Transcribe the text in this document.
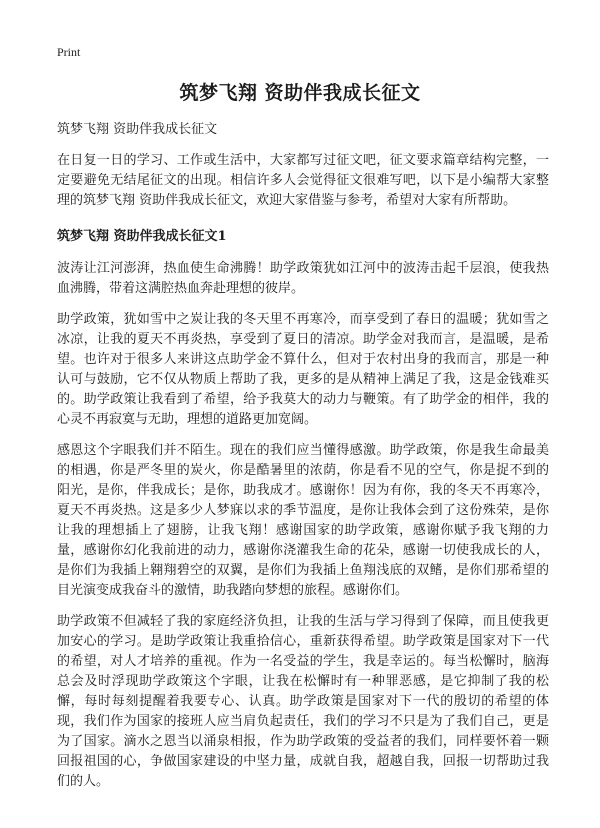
Print
筑梦飞翔 资助伴我成长征文

筑梦飞翔 资助伴我成长征文

在日复一日的学习、工作或生活中，大家都写过征文吧，征文要求篇章结构完整，一定要避免无结尾征文的出现。相信许多人会觉得征文很难写吧，以下是小编帮大家整理的筑梦飞翔 资助伴我成长征文，欢迎大家借鉴与参考，希望对大家有所帮助。

筑梦飞翔 资助伴我成长征文1

波涛让江河澎湃，热血使生命沸腾！助学政策犹如江河中的波涛击起千层浪，使我热血沸腾，带着这满腔热血奔赴理想的彼岸。

助学政策，犹如雪中之炭让我的冬天里不再寒冷，而享受到了春日的温暖；犹如雪之冰凉，让我的夏天不再炎热，享受到了夏日的清凉。助学金对我而言，是温暖，是希望。也许对于很多人来讲这点助学金不算什么，但对于农村出身的我而言，那是一种认可与鼓励，它不仅从物质上帮助了我，更多的是从精神上满足了我，这是金钱难买的。助学政策让我看到了希望，给予我莫大的动力与鞭策。有了助学金的相伴，我的心灵不再寂寞与无助，理想的道路更加宽阔。

感恩这个字眼我们并不陌生。现在的我们应当懂得感激。助学政策，你是我生命最美的相遇，你是严冬里的炭火，你是酷暑里的浓荫，你是看不见的空气，你是捉不到的阳光，是你，伴我成长；是你，助我成才。感谢你！因为有你，我的冬天不再寒冷，夏天不再炎热。这是多少人梦寐以求的季节温度，是你让我体会到了这份殊荣，是你让我的理想插上了翅膀，让我飞翔！感谢国家的助学政策，感谢你赋予我飞翔的力量，感谢你幻化我前进的动力，感谢你浇灌我生命的花朵，感谢一切使我成长的人，是你们为我插上翱翔碧空的双翼，是你们为我插上鱼翔浅底的双鳍，是你们那希望的目光演变成我奋斗的激情，助我踏向梦想的旅程。感谢你们。

助学政策不但减轻了我的家庭经济负担，让我的生活与学习得到了保障，而且使我更加安心的学习。是助学政策让我重拾信心，重新获得希望。助学政策是国家对下一代的希望，对人才培养的重视。作为一名受益的学生，我是幸运的。每当松懈时，脑海总会及时浮现助学政策这个字眼，让我在松懈时有一种罪恶感，是它抑制了我的松懈，每时每刻提醒着我要专心、认真。助学政策是国家对下一代的殷切的希望的体现，我们作为国家的接班人应当肩负起责任，我们的学习不只是为了我们自己，更是为了国家。滴水之恩当以涌泉相报，作为助学政策的受益者的我们，同样要怀着一颗回报祖国的心，争做国家建设的中坚力量，成就自我，超越自我，回报一切帮助过我们的人。
